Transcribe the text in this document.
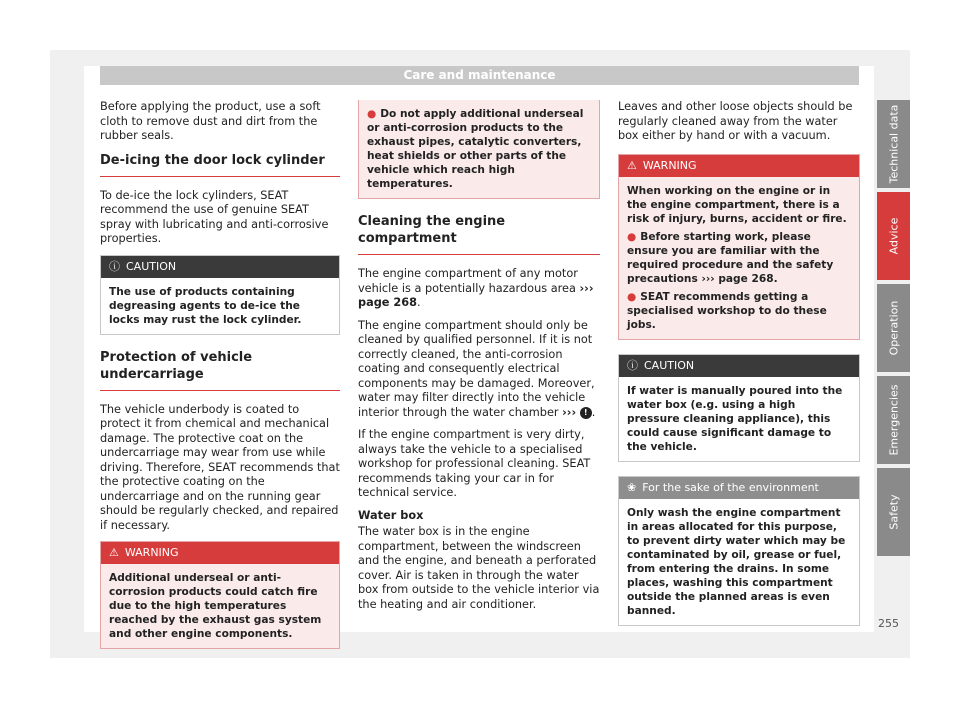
Care and maintenance

Before applying the product, use a soft cloth to remove dust and dirt from the rubber seals.

De-icing the door lock cylinder

To de-ice the lock cylinders, SEAT recommend the use of genuine SEAT spray with lubricating and anti-corrosive properties.

ⓘ CAUTION
The use of products containing degreasing agents to de-ice the locks may rust the lock cylinder.
Protection of vehicle undercarriage

The vehicle underbody is coated to protect it from chemical and mechanical damage. The protective coat on the undercarriage may wear from use while driving. Therefore, SEAT recommends that the protective coating on the undercarriage and on the running gear should be regularly checked, and repaired if necessary.

⚠ WARNING
Additional underseal or anti-corrosion products could catch fire due to the high temperatures reached by the exhaust gas system and other engine components.
● Do not apply additional underseal or anti-corrosion products to the exhaust pipes, catalytic converters, heat shields or other parts of the vehicle which reach high temperatures.
Cleaning the engine compartment

The engine compartment of any motor vehicle is a potentially hazardous area ››› page 268.

The engine compartment should only be cleaned by qualified personnel. If it is not correctly cleaned, the anti-corrosion coating and consequently electrical components may be damaged. Moreover, water may filter directly into the vehicle interior through the water chamber ››› ! .

If the engine compartment is very dirty, always take the vehicle to a specialised workshop for professional cleaning. SEAT recommends taking your car in for technical service.

Water box

The water box is in the engine compartment, between the windscreen and the engine, and beneath a perforated cover. Air is taken in through the water box from outside to the vehicle interior via the heating and air conditioner.

Leaves and other loose objects should be regularly cleaned away from the water box either by hand or with a vacuum.

⚠ WARNING
When working on the engine or in the engine compartment, there is a risk of injury, burns, accident or fire.
● Before starting work, please ensure you are familiar with the required procedure and the safety precautions ››› page 268.
● SEAT recommends getting a specialised workshop to do these jobs.
ⓘ CAUTION
If water is manually poured into the water box (e.g. using a high pressure cleaning appliance), this could cause significant damage to the vehicle.
❀ For the sake of the environment
Only wash the engine compartment in areas allocated for this purpose, to prevent dirty water which may be contaminated by oil, grease or fuel, from entering the drains. In some places, washing this compartment outside the planned areas is even banned.
Technical data
Advice
Operation
Emergencies
Safety
255
